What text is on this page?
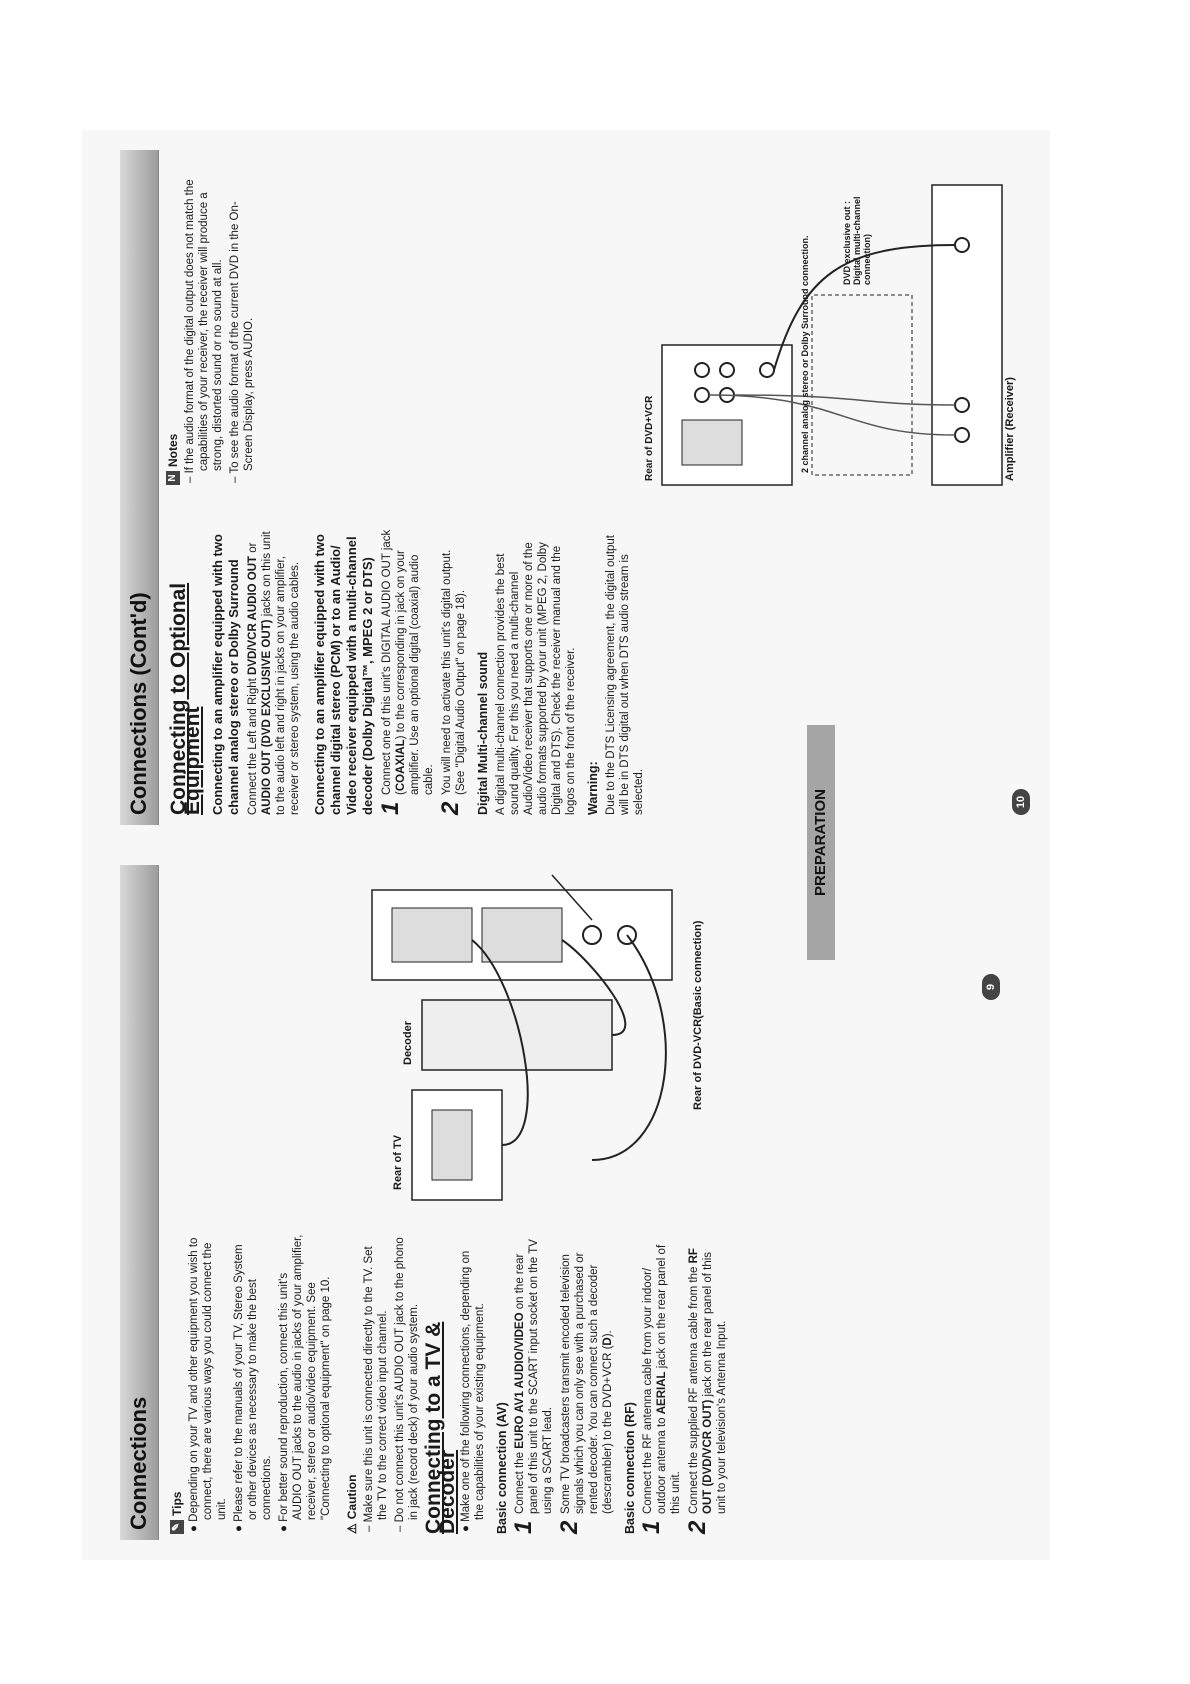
Connections ✎
Tips
● Depending on your TV and other equipment you wish to connect, there are various ways you could connect the unit.
● Please refer to the manuals of your TV, Stereo System or other devices as necessary to make the best connections.
● For better sound reproduction, connect this unit's AUDIO OUT jacks to the audio in jacks of your amplifier, receiver, stereo or audio/video equipment. See "Connecting to optional equipment" on page 10.
⚠
Caution
– Make sure this unit is connected directly to the TV. Set the TV to the correct video input channel.
– Do not connect this unit's AUDIO OUT jack to the phono in jack (record deck) of your audio system. Connecting to a TV & Decoder ● Make one of the following connections, depending on the capabilities of your existing equipment. Basic connection (AV) 1
Connect the EURO AV1 AUDIO/VIDEO on the rear panel of this unit to the SCART input socket on the TV using a SCART lead.
2
Some TV broadcasters transmit encoded television signals which you can only see with a purchased or rented decoder. You can connect such a decoder (descrambler) to the DVD+VCR (D).
Basic connection (RF) 1
Connect the RF antenna cable from your indoor/ outdoor antenna to AERIAL jack on the rear panel of this unit.
2
Connect the supplied RF antenna cable from the RF OUT (DVD/VCR OUT) jack on the rear panel of this unit to your television's Antenna Input.
Rear of TV
Decoder	Rear of DVD-VCR(Basic connection)
PREPARATION
9
Connections (Cont'd) Connecting to Optional Equipment Connecting to an amplifier equipped with two channel analog stereo or Dolby Surround Connect the Left and Right DVD/VCR AUDIO OUT or AUDIO OUT (DVD EXCLUSIVE OUT) jacks on this unit to the audio left and right in jacks on your amplifier, receiver or stereo system, using the audio cables. Connecting to an amplifier equipped with two channel digital stereo (PCM) or to an Audio/ Video receiver equipped with a multi-channel decoder (Dolby Digital™, MPEG 2 or DTS) 1
Connect one of this unit's DIGITAL AUDIO OUT jack (COAXIAL) to the corresponding in jack on your amplifier. Use an optional digital (coaxial) audio cable.
2
You will need to activate this unit's digital output. (See "Digital Audio Output" on page 18). Digital Multi-channel sound A digital multi-channel connection provides the best sound quality. For this you need a multi-channel Audio/Video receiver that supports one or more of the audio formats supported by your unit (MPEG 2, Dolby Digital and DTS). Check the receiver manual and the logos on the front of the receiver. Warning: Due to the DTS Licensing agreement, the digital output will be in DTS digital out when DTS audio stream is selected.
N
Notes
– If the audio format of the digital output does not match the capabilities of your receiver, the receiver will produce a strong, distorted sound or no sound at all.
– To see the audio format of the current DVD in the On-Screen Display, press AUDIO.	Rear of DVD+VCR	2 channel analog stereo or Dolby Surround connection.	DVD exclusive out : Digital multi-channel connection)
Amplifier (Receiver)
10
